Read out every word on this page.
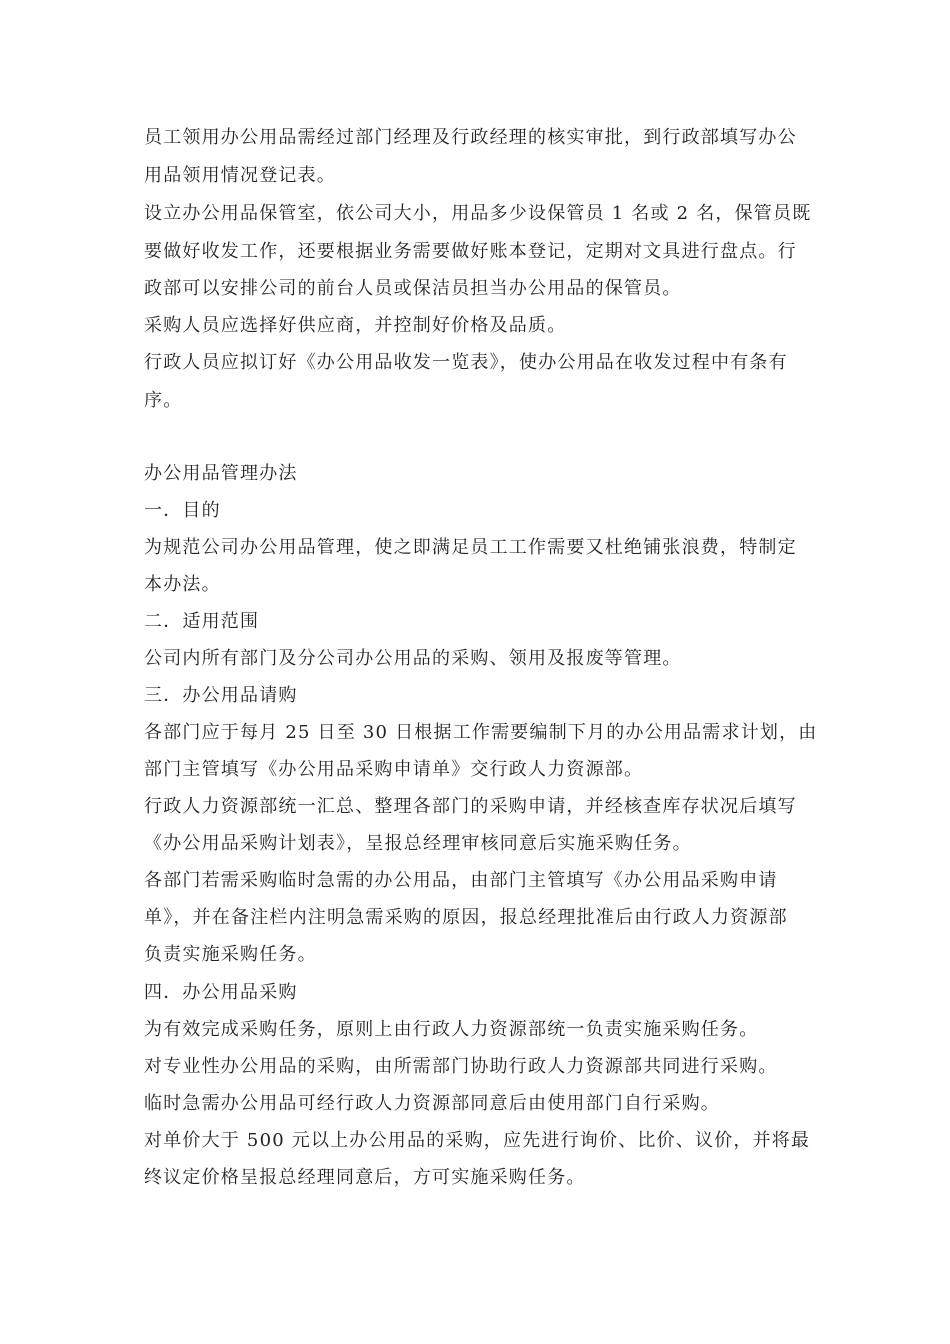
员工领用办公用品需经过部门经理及行政经理的核实审批，到行政部填写办公
用品领用情况登记表。
设立办公用品保管室，依公司大小，用品多少设保管员 1 名或 2 名，保管员既
要做好收发工作，还要根据业务需要做好账本登记，定期对文具进行盘点。行
政部可以安排公司的前台人员或保洁员担当办公用品的保管员。
采购人员应选择好供应商，并控制好价格及品质。
行政人员应拟订好《办公用品收发一览表》，使办公用品在收发过程中有条有
序。
办公用品管理办法
一．目的
为规范公司办公用品管理，使之即满足员工工作需要又杜绝铺张浪费，特制定
本办法。
二．适用范围
公司内所有部门及分公司办公用品的采购、领用及报废等管理。
三．办公用品请购
各部门应于每月 25 日至 30 日根据工作需要编制下月的办公用品需求计划，由
部门主管填写《办公用品采购申请单》交行政人力资源部。
行政人力资源部统一汇总、整理各部门的采购申请，并经核查库存状况后填写
《办公用品采购计划表》，呈报总经理审核同意后实施采购任务。
各部门若需采购临时急需的办公用品，由部门主管填写《办公用品采购申请
单》，并在备注栏内注明急需采购的原因，报总经理批准后由行政人力资源部
负责实施采购任务。
四．办公用品采购
为有效完成采购任务，原则上由行政人力资源部统一负责实施采购任务。
对专业性办公用品的采购，由所需部门协助行政人力资源部共同进行采购。
临时急需办公用品可经行政人力资源部同意后由使用部门自行采购。
对单价大于 500 元以上办公用品的采购，应先进行询价、比价、议价，并将最
终议定价格呈报总经理同意后，方可实施采购任务。
